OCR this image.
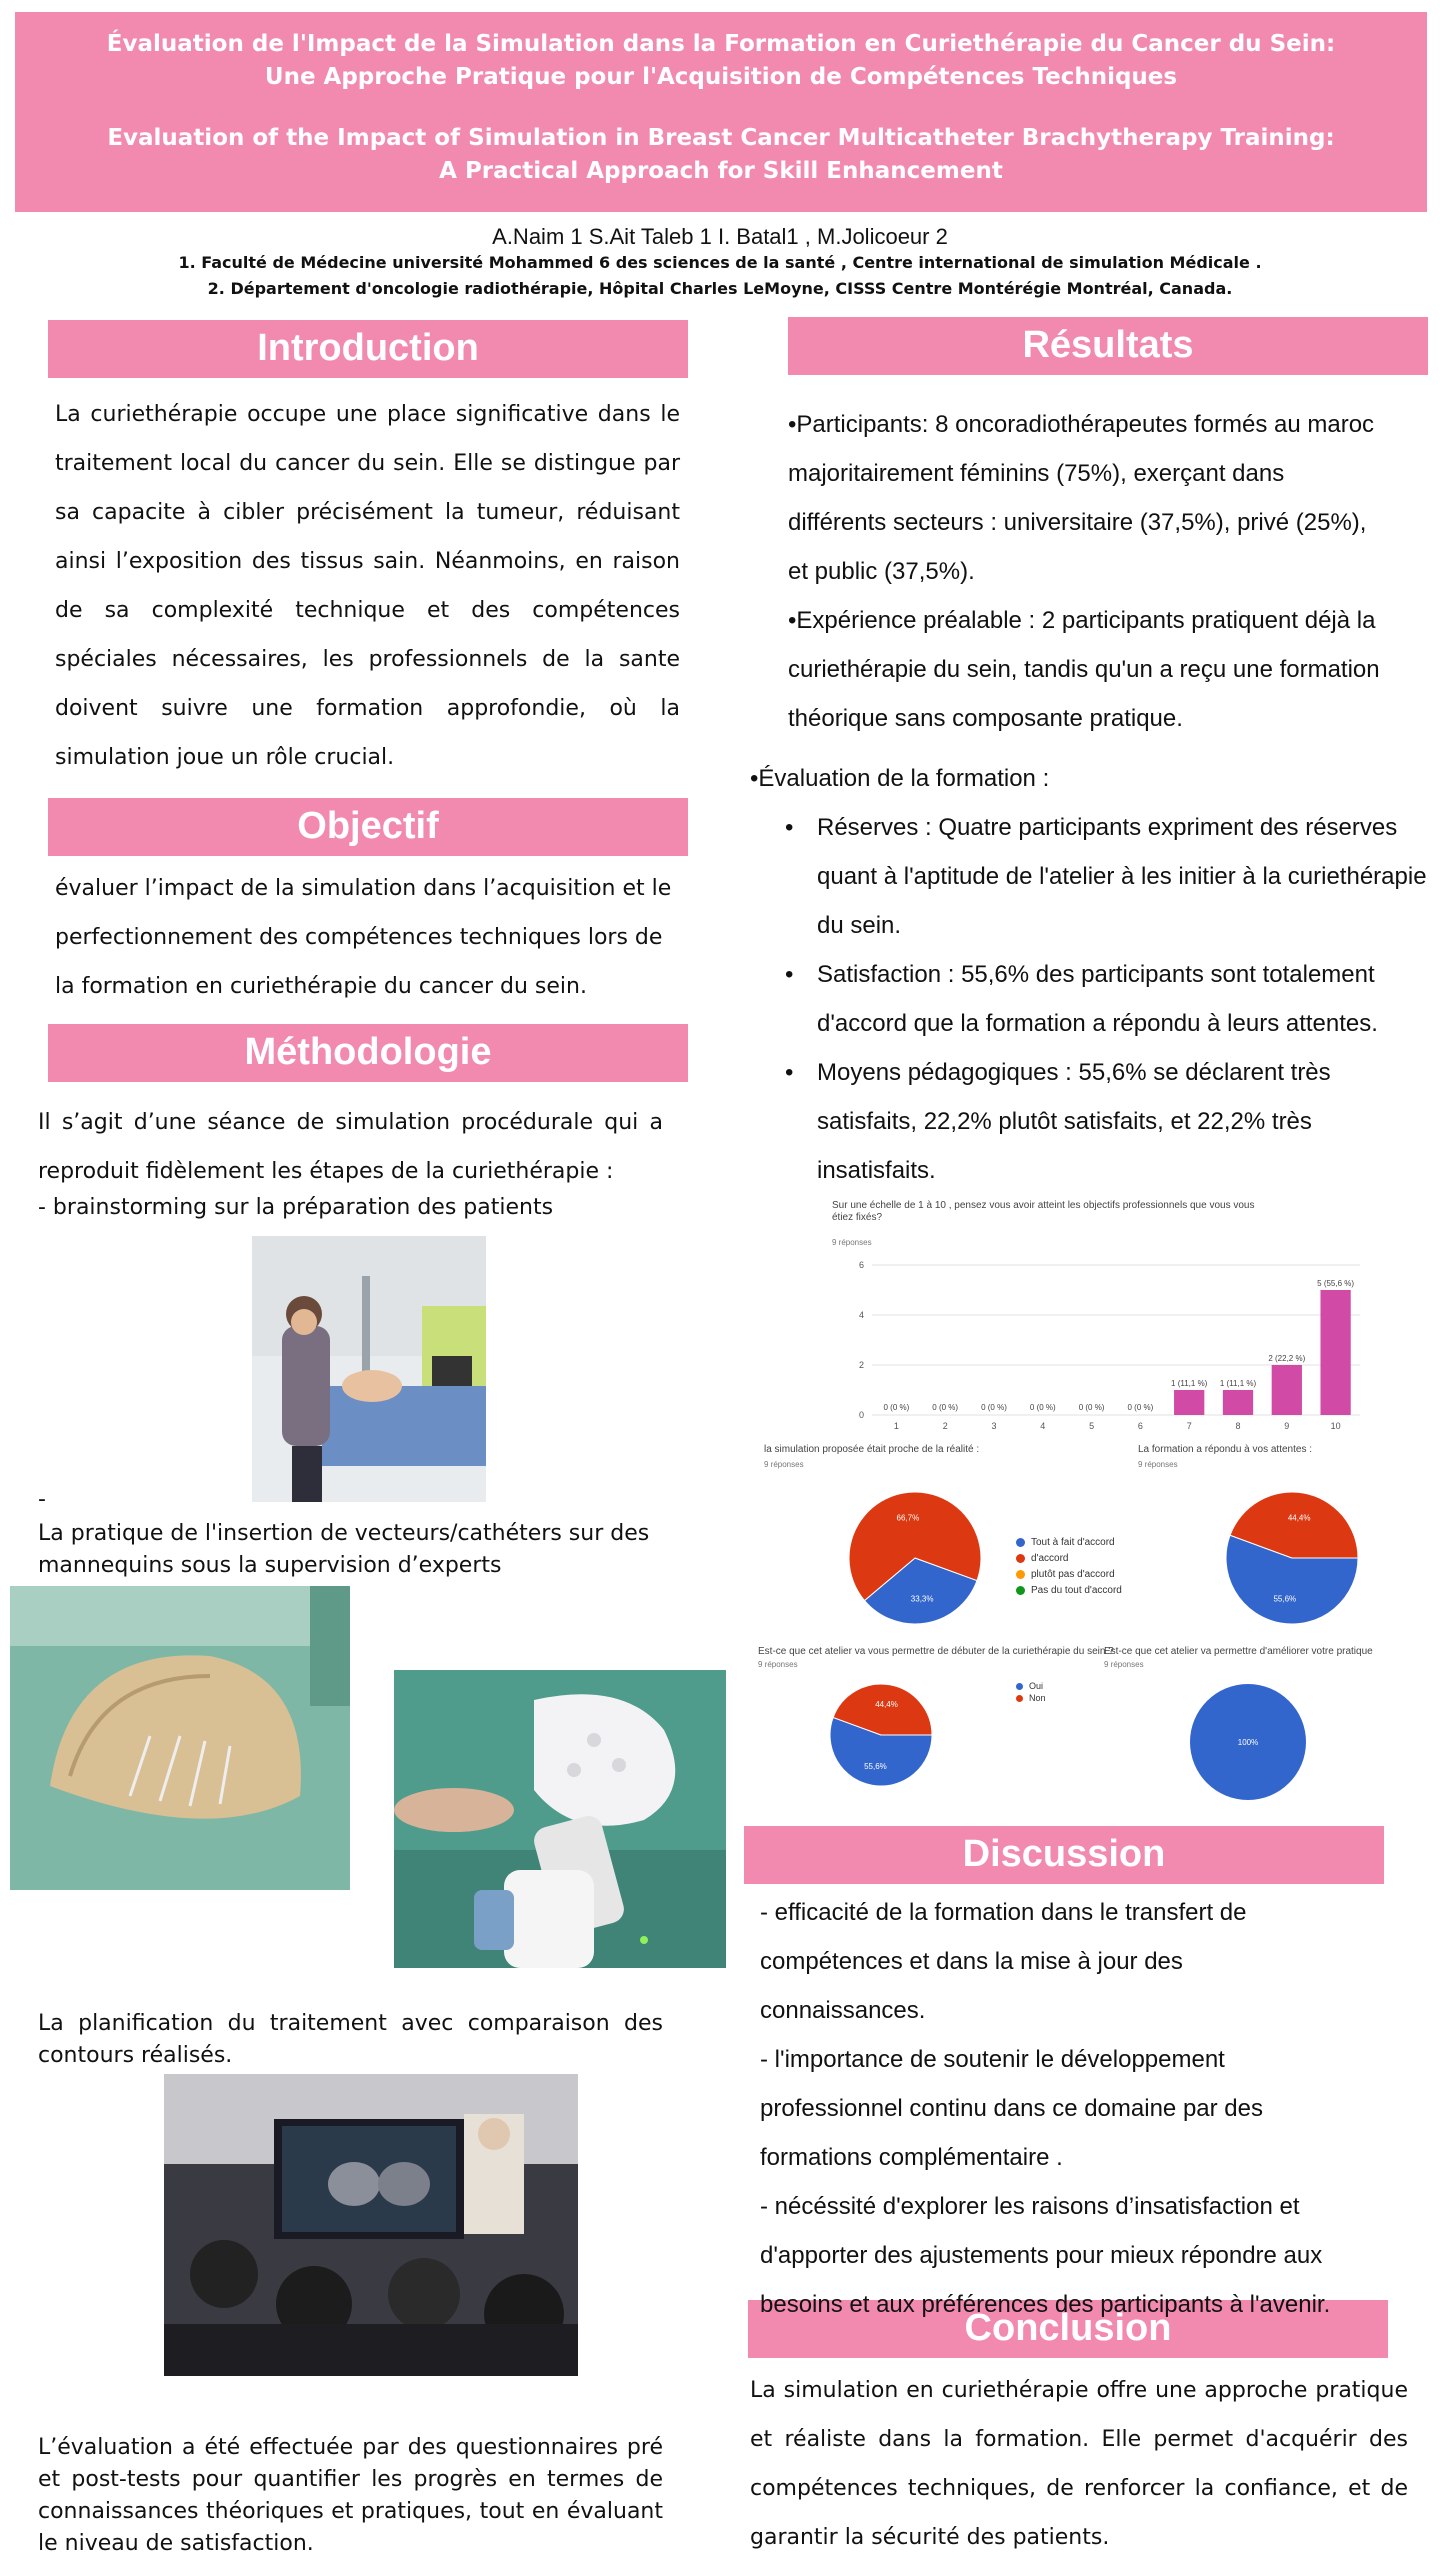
Évaluation de l'Impact de la Simulation dans la Formation en Curiethérapie du Cancer du Sein:
Une Approche Pratique pour l'Acquisition de Compétences Techniques
Evaluation of the Impact of Simulation in Breast Cancer Multicatheter Brachytherapy Training:
A Practical Approach for Skill Enhancement
A.Naim 1 S.Ait Taleb 1 I. Batal1 , M.Jolicoeur 2
1. Faculté de Médecine université Mohammed 6 des sciences de la santé , Centre international de simulation Médicale .
2. Département d'oncologie radiothérapie, Hôpital Charles LeMoyne, CISSS Centre Montérégie Montréal, Canada.
Introduction
La curiethérapie occupe une place significative dans le traitement local du cancer du sein. Elle se distingue par sa capacite à cibler précisément la tumeur, réduisant ainsi l’exposition des tissus sain. Néanmoins, en raison de sa complexité technique et des compétences spéciales nécessaires, les professionnels de la sante doivent suivre une formation approfondie, où la simulation joue un rôle crucial.
Objectif
évaluer l’impact de la simulation dans l’acquisition et le perfectionnement des compétences techniques lors de la formation en curiethérapie du cancer du sein.
Méthodologie
Il s’agit d’une séance de simulation procédurale qui a reproduit fidèlement les étapes de la curiethérapie :
- brainstorming sur la préparation des patients
-
La pratique de l'insertion de vecteurs/cathéters sur des mannequins sous la supervision d’experts
La planification du traitement avec comparaison des contours réalisés.
L’évaluation a été effectuée par des questionnaires pré et post-tests pour quantifier les progrès en termes de connaissances théoriques et pratiques, tout en évaluant le niveau de satisfaction.
Résultats
•Participants: 8 oncoradiothérapeutes formés au maroc
majoritairement féminins (75%), exerçant dans
différents secteurs : universitaire (37,5%), privé (25%),
et public (37,5%).
•Expérience préalable : 2 participants pratiquent déjà la
curiethérapie du sein, tandis qu'un a reçu une formation
théorique sans composante pratique.
•Évaluation de la formation :
• Réserves : Quatre participants expriment des réserves quant à l'aptitude de l'atelier à les initier à la curiethérapie du sein.
• Satisfaction : 55,6% des participants sont totalement d'accord que la formation a répondu à leurs attentes.
• Moyens pédagogiques : 55,6% se déclarent très satisfaits, 22,2% plutôt satisfaits, et 22,2% très insatisfaits.
Sur une échelle de 1 à 10 , pensez vous avoir atteint les objectifs professionnels que vous vous
étiez fixés?
9 réponses
0
2
4
6
0 (0 %)
1
0 (0 %)
2
0 (0 %)
3
0 (0 %)
4
0 (0 %)
5
0 (0 %)
6
1 (11,1 %)
7
1 (11,1 %)
8
2 (22,2 %)
9
5 (55,6 %)
10
la simulation proposée était proche de la réalité :
9 réponses
33,3%
66,7%
La formation a répondu à vos attentes :
9 réponses
55,6%
44,4%
Tout à fait d'accord
d'accord
plutôt pas d'accord
Pas du tout d'accord
Est-ce que cet atelier va vous permettre de débuter de la curiethérapie du sein ?
9 réponses
55,6%
44,4%
Oui
Non
Est-ce que cet atelier va permettre d'améliorer votre pratique
9 réponses
100%
Discussion
- efficacité de la formation dans le transfert de
compétences et dans la mise à jour des
connaissances.
- l'importance de soutenir le développement
professionnel continu dans ce domaine par des
formations complémentaire .
- nécéssité d'explorer les raisons d’insatisfaction et
d'apporter des ajustements pour mieux répondre aux
Conclusion
besoins et aux préférences des participants à l'avenir.
La simulation en curiethérapie offre une approche pratique et réaliste dans la formation. Elle permet d'acquérir des compétences techniques, de renforcer la confiance, et de garantir la sécurité des patients.
